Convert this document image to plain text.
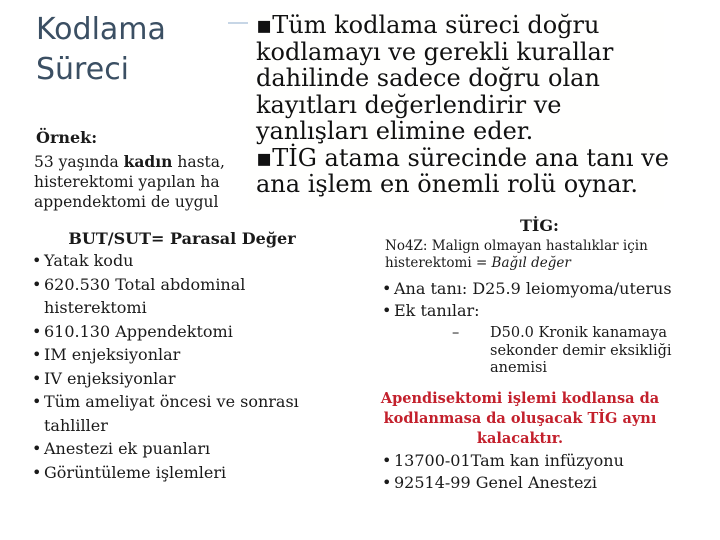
Kodlama
Süreci
Örnek:
53 yaşında kadın hasta,
histerektomi yapılan ha
appendektomi de uygul
▪Tüm kodlama süreci doğru
kodlamayı ve gerekli kurallar
dahilinde sadece doğru olan
kayıtları değerlendirir ve
yanlışları elimine eder.
▪TİG atama sürecinde ana tanı ve
ana işlem en önemli rolü oynar.
BUT/SUT= Parasal Değer
• Yatak kodu
• 620.530 Total abdominal histerektomi
• 610.130 Appendektomi
• IM enjeksiyonlar
• IV enjeksiyonlar
• Tüm ameliyat öncesi ve sonrası tahliller
• Anestezi ek puanları
• Görüntüleme işlemleri
TİG:
No4Z: Malign olmayan hastalıklar için histerektomi = Bağıl değer
• Ana tanı: D25.9 leiomyoma/uterus
• Ek tanılar:
– D50.0 Kronik kanamaya sekonder demir eksikliği anemisi
• 13700-01Tam kan infüzyonu
• 92514-99 Genel Anestezi
Apendisektomi işlemi kodlansa da kodlanmasa da oluşacak TİG aynı kalacaktır.
